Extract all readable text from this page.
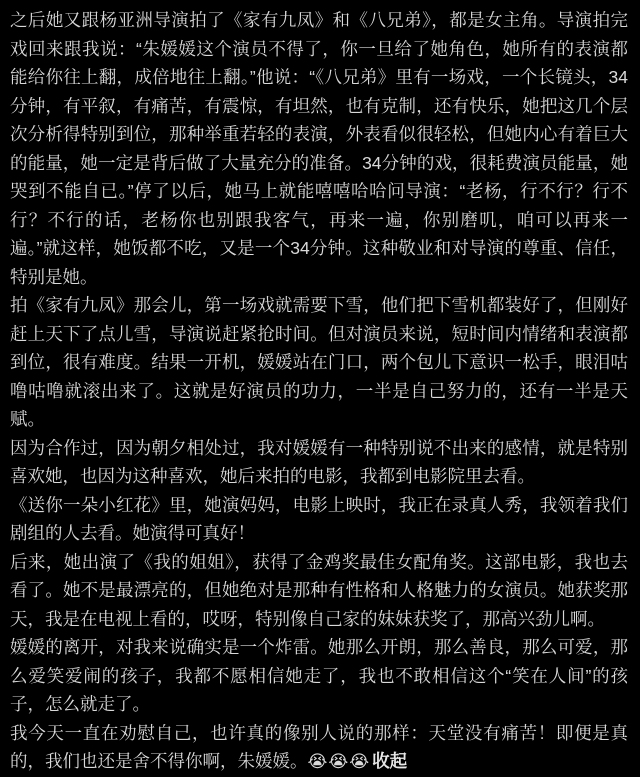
之后她又跟杨亚洲导演拍了《家有九凤》和《八兄弟》，都是女主角。导演拍完戏回来跟我说：“朱媛媛这个演员不得了，你一旦给了她角色，她所有的表演都能给你往上翻，成倍地往上翻。”他说：“《八兄弟》里有一场戏，一个长镜头，34分钟，有平叙，有痛苦，有震惊，有坦然，也有克制，还有快乐，她把这几个层次分析得特别到位，那种举重若轻的表演，外表看似很轻松，但她内心有着巨大的能量，她一定是背后做了大量充分的准备。34分钟的戏，很耗费演员能量，她哭到不能自已。”停了以后，她马上就能嘻嘻哈哈问导演：“老杨，行不行？行不行？不行的话，老杨你也别跟我客气，再来一遍，你别磨叽，咱可以再来一遍。”就这样，她饭都不吃，又是一个34分钟。这种敬业和对导演的尊重、信任，特别是她。

拍《家有九凤》那会儿，第一场戏就需要下雪，他们把下雪机都装好了，但刚好赶上天下了点儿雪，导演说赶紧抢时间。但对演员来说，短时间内情绪和表演都到位，很有难度。结果一开机，媛媛站在门口，两个包儿下意识一松手，眼泪咕噜咕噜就滚出来了。这就是好演员的功力，一半是自己努力的，还有一半是天赋。

因为合作过，因为朝夕相处过，我对媛媛有一种特别说不出来的感情，就是特别喜欢她，也因为这种喜欢，她后来拍的电影，我都到电影院里去看。

《送你一朵小红花》里，她演妈妈，电影上映时，我正在录真人秀，我领着我们剧组的人去看。她演得可真好！

后来，她出演了《我的姐姐》，获得了金鸡奖最佳女配角奖。这部电影，我也去看了。她不是最漂亮的，但她绝对是那种有性格和人格魅力的女演员。她获奖那天，我是在电视上看的，哎呀，特别像自己家的妹妹获奖了，那高兴劲儿啊。

媛媛的离开，对我来说确实是一个炸雷。她那么开朗，那么善良，那么可爱，那么爱笑爱闹的孩子，我都不愿相信她走了，我也不敢相信这个“笑在人间”的孩子，怎么就走了。

我今天一直在劝慰自己，也许真的像别人说的那样：天堂没有痛苦！即便是真的，我们也还是舍不得你啊，朱媛媛。😭😭😭 收起
